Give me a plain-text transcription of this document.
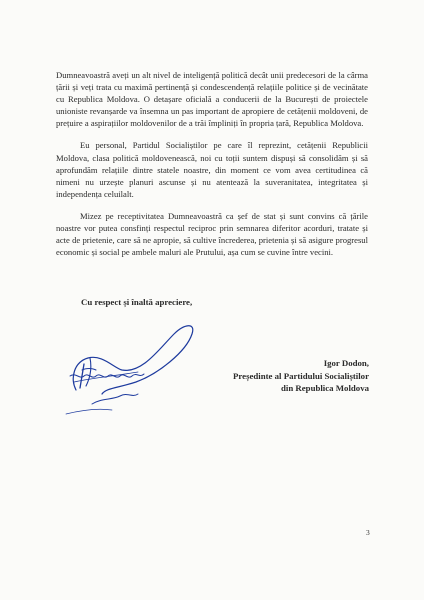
Dumneavoastră aveți un alt nivel de inteligență politică decât unii predecesori de la cârma țării și veți trata cu maximă pertinență și condescendență relațiile politice și de vecinătate cu Republica Moldova. O detașare oficială a conducerii de la București de proiectele unioniste revanșarde va însemna un pas important de apropiere de cetățenii moldoveni, de prețuire a aspirațiilor moldovenilor de a trăi împliniți în propria țară, Republica Moldova.

Eu personal, Partidul Socialiștilor pe care îl reprezint, cetățenii Republicii Moldova, clasa politică moldovenească, noi cu toții suntem dispuși să consolidăm și să aprofundăm relațiile dintre statele noastre, din moment ce vom avea certitudinea că nimeni nu urzește planuri ascunse și nu atentează la suveranitatea, integritatea și independența celuilalt.

Mizez pe receptivitatea Dumneavoastră ca șef de stat și sunt convins că țările noastre vor putea consfinți respectul reciproc prin semnarea diferitor acorduri, tratate și acte de prietenie, care să ne apropie, să cultive încrederea, prietenia și să asigure progresul economic și social pe ambele maluri ale Prutului, așa cum se cuvine între vecini.

Cu respect și înaltă apreciere,
Igor Dodon,
Președinte al Partidului Socialiștilor
din Republica Moldova
3
